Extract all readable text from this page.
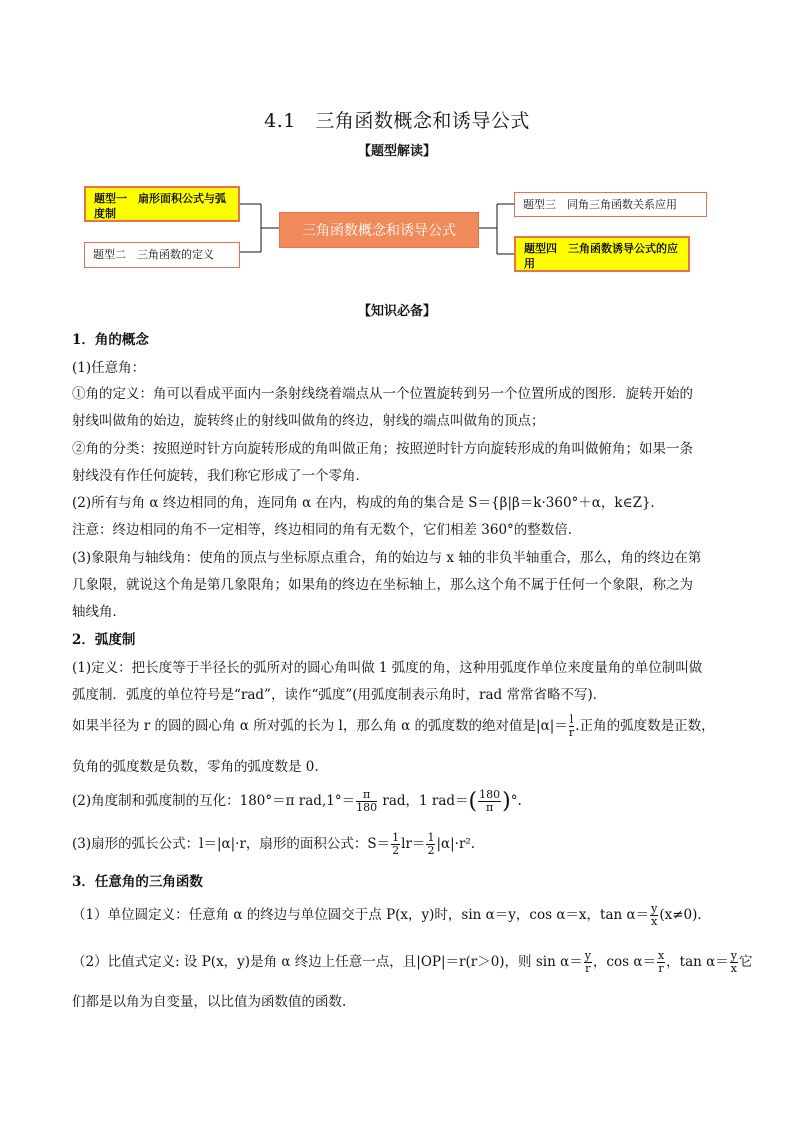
4.1　三角函数概念和诱导公式
【题型解读】
题型一　扇形面积公式与弧度制
题型二　三角函数的定义
三角函数概念和诱导公式
题型三　同角三角函数关系应用
题型四　三角函数诱导公式的应用
【知识必备】
1．角的概念
(1)任意角：
①角的定义：角可以看成平面内一条射线绕着端点从一个位置旋转到另一个位置所成的图形．旋转开始的
射线叫做角的始边，旋转终止的射线叫做角的终边，射线的端点叫做角的顶点；
②角的分类：按照逆时针方向旋转形成的角叫做正角；按照逆时针方向旋转形成的角叫做俯角；如果一条
射线没有作任何旋转，我们称它形成了一个零角．
(2)所有与角 α 终边相同的角，连同角 α 在内，构成的角的集合是 S＝{β|β＝k·360°＋α，k∈Z}．
注意：终边相同的角不一定相等，终边相同的角有无数个，它们相差 360°的整数倍.
(3)象限角与轴线角：使角的顶点与坐标原点重合，角的始边与 x 轴的非负半轴重合，那么，角的终边在第
几象限，就说这个角是第几象限角；如果角的终边在坐标轴上，那么这个角不属于任何一个象限，称之为
轴线角．
2．弧度制
(1)定义：把长度等于半径长的弧所对的圆心角叫做 1 弧度的角，这种用弧度作单位来度量角的单位制叫做
弧度制．弧度的单位符号是“rad”，读作“弧度”(用弧度制表示角时，rad 常常省略不写)．
如果半径为 r 的圆的圆心角 α 所对弧的长为 l，那么角 α 的弧度数的绝对值是$|\alpha|= \frac{l}{r}$ .正角的弧度数是正数，
负角的弧度数是负数，零角的弧度数是 0.
(2)角度制和弧度制的互化：180°＝π $rad,1^\circ= \frac{\pi}{180}$ rad，1 $rad=( \frac{180}{\pi}$ )°.
(3)扇形的弧长公式：l＝|α|·r，扇形的面积公式：$S= \frac{1}{2} lr= \frac{1}{2} |\alpha|\cdot r^2$.
3．任意角的三角函数
（1）单位圆定义：任意角 α 的终边与单位圆交于点 P(x，y)时，sin α＝y，cos α＝x，$\tan \alpha= \frac{y}{x} (x\ne 0)$．
（2）比值式定义: 设 P(x，y)是角 α 终边上任意一点，且|OP|＝r(r＞0)，则 $\sin \alpha= \frac{y}{r}$ ，$\cos \alpha= \frac{x}{r}$ ，$\tan \alpha= \frac{y}{x}$ 它
们都是以角为自变量，以比值为函数值的函数.
